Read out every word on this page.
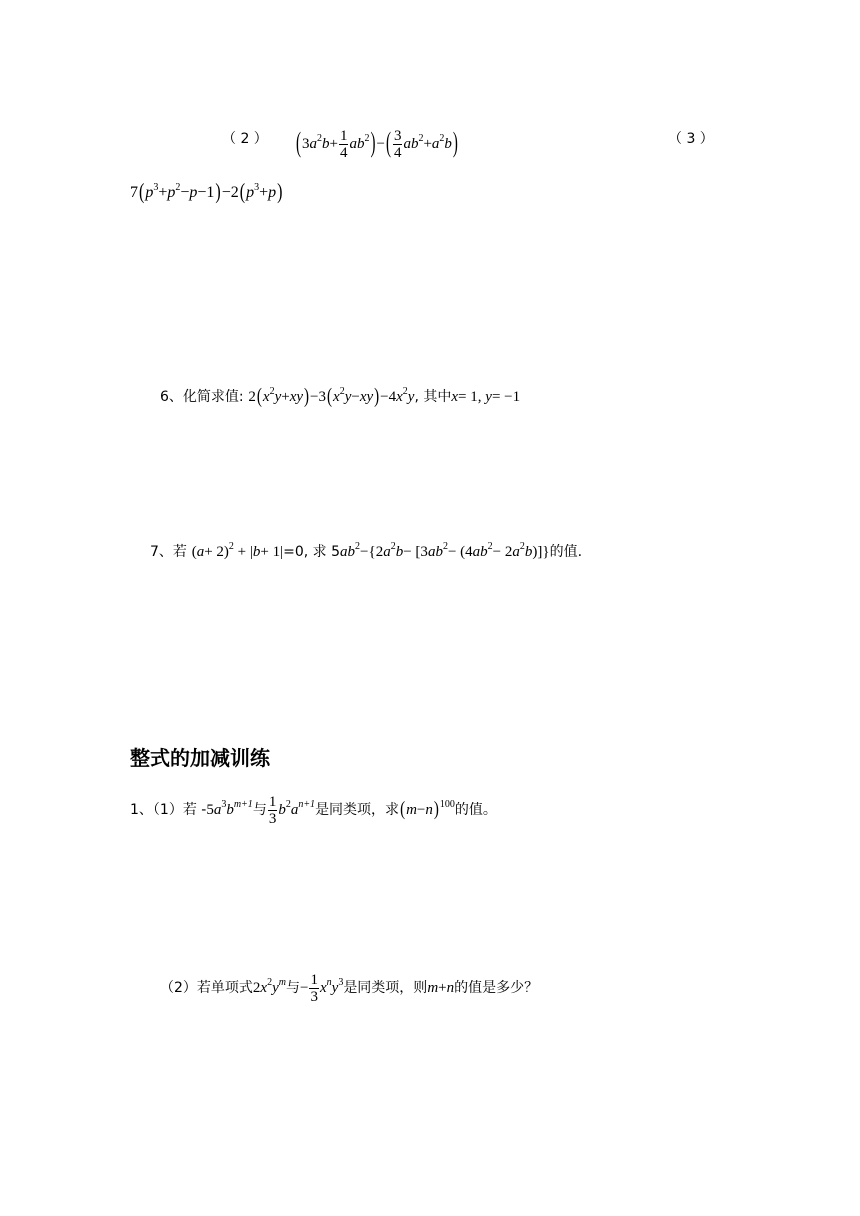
（ 2 ） $(3a^2b+ \frac{1}{4} ab^2)-( \frac{3}{4} ab^2+a^2b)$	（ 3 ）
$7(p^3+p^2-p-1)-2(p^3+p)$
6、化简求值: $2(x^2y+xy)-3(x^2y-xy)-4x^2y$, 其中x= 1, y= −1
7、若 $(a+ 2)^2 + |b+ 1|=0$, 求 $5ab^2-\{2a^2b- [3ab^2- (4ab^2- 2a^2b)]\}$的值.
整式的加减训练
1、（1）若 $-5a^3b^{m+1}$与 $\frac{1}{3} b^2a^{n+1}$是同类项，求$(m-n)^{100}$的值。
（2）若单项式$2x^2y^m$与− $\frac{1}{3} x^ny^3$是同类项，则m+n的值是多少？
